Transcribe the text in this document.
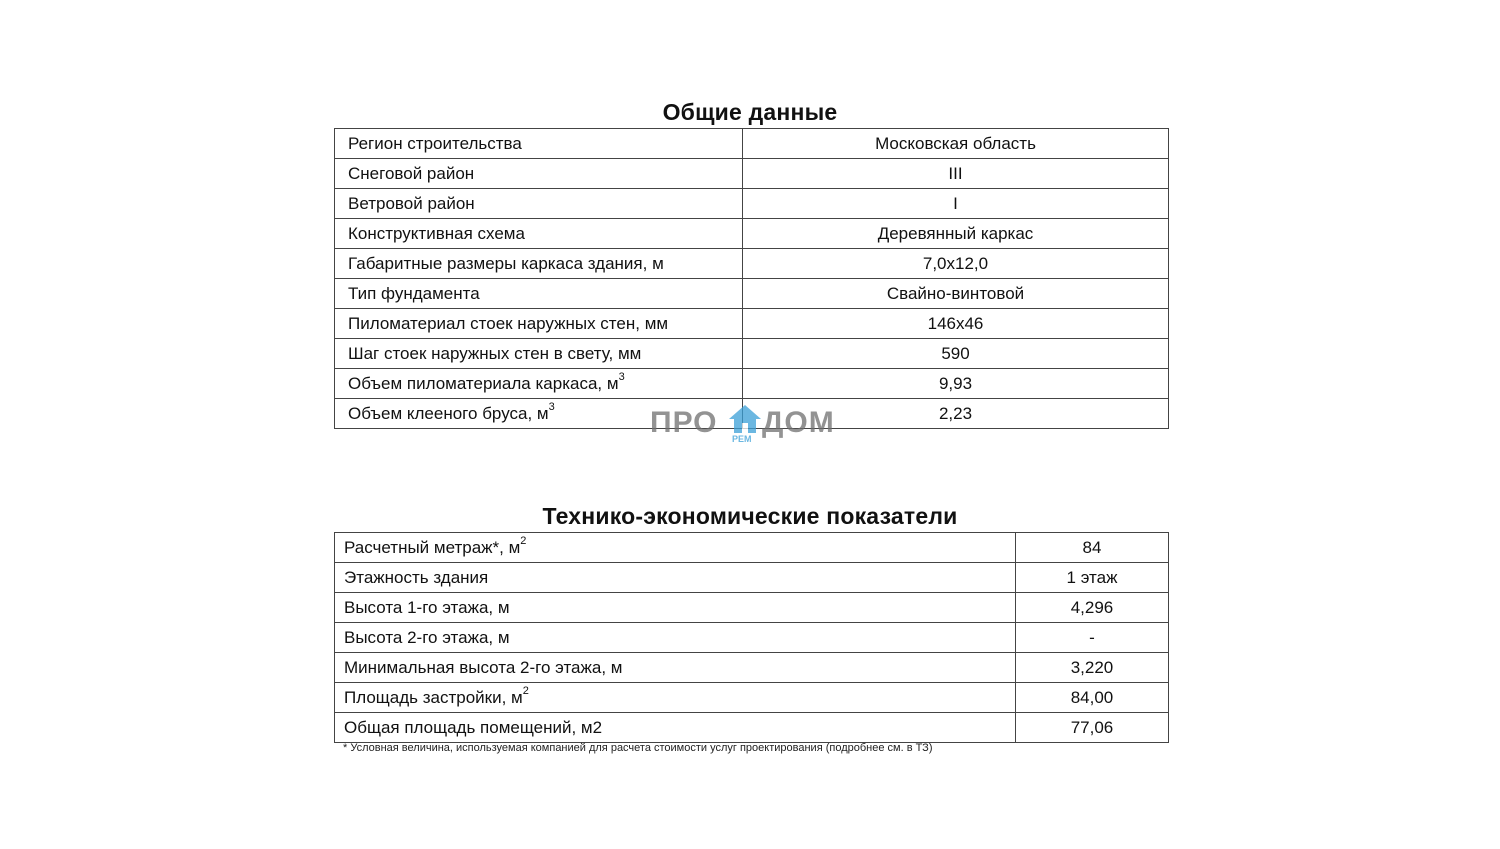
Общие данные
Регион строительства	Московская область
Снеговой район	III
Ветровой район	I
Конструктивная схема	Деревянный каркас
Габаритные размеры каркаса здания, м	7,0х12,0
Тип фундамента	Свайно-винтовой
Пиломатериал стоек наружных стен, мм	146х46
Шаг стоек наружных стен в свету, мм	590
Объем пиломатериала каркаса, $м^3$	9,93
Объем клееного бруса, $м^3$	2,23
ПРО РЕМ ДОМ
Технико-экономические показатели
Расчетный метраж*, $м^2$	84
Этажность здания	1 этаж
Высота 1-го этажа, м	4,296
Высота 2-го этажа, м	-
Минимальная высота 2-го этажа, м	3,220
Площадь застройки, $м^2$	84,00
Общая площадь помещений, м2	77,06
* Условная величина, используемая компанией для расчета стоимости услуг проектирования (подробнее см. в ТЗ)
